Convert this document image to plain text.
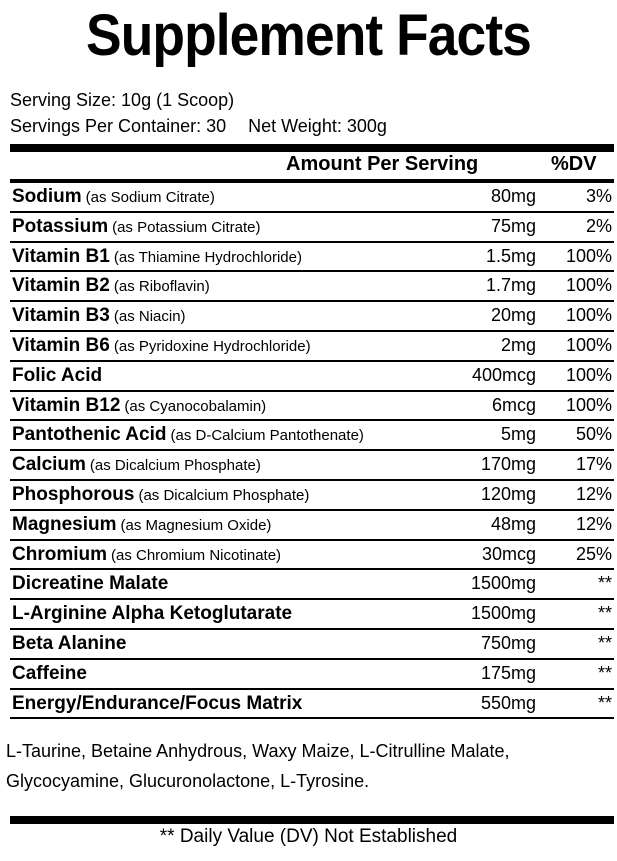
Supplement Facts
Serving Size: 10g (1 Scoop)
Servings Per Container: 30 Net Weight: 300g
Amount Per Serving	%DV
Sodium (as Sodium Citrate)	80mg	3%
Potassium (as Potassium Citrate)	75mg	2%
Vitamin B1 (as Thiamine Hydrochloride)	1.5mg 100%
Vitamin B2 (as Riboflavin)	1.7mg 100%
Vitamin B3 (as Niacin)	20mg 100%
Vitamin B6 (as Pyridoxine Hydrochloride)	2mg 100%
Folic Acid	400mcg 100%
Vitamin B12 (as Cyanocobalamin)	6mcg 100%
Pantothenic Acid (as D-Calcium Pantothenate)	5mg 50%
Calcium (as Dicalcium Phosphate)	170mg 17%
Phosphorous (as Dicalcium Phosphate)	120mg 12%
Magnesium (as Magnesium Oxide)	48mg 12%
Chromium (as Chromium Nicotinate)	30mcg 25%
Dicreatine Malate	1500mg	**
L-Arginine Alpha Ketoglutarate	1500mg	**
Beta Alanine	750mg	**
Caffeine	175mg	**
Energy/Endurance/Focus Matrix	550mg	**
L-Taurine, Betaine Anhydrous, Waxy Maize, L-Citrulline Malate, Glycocyamine, Glucuronolactone, L-Tyrosine.
** Daily Value (DV) Not Established
